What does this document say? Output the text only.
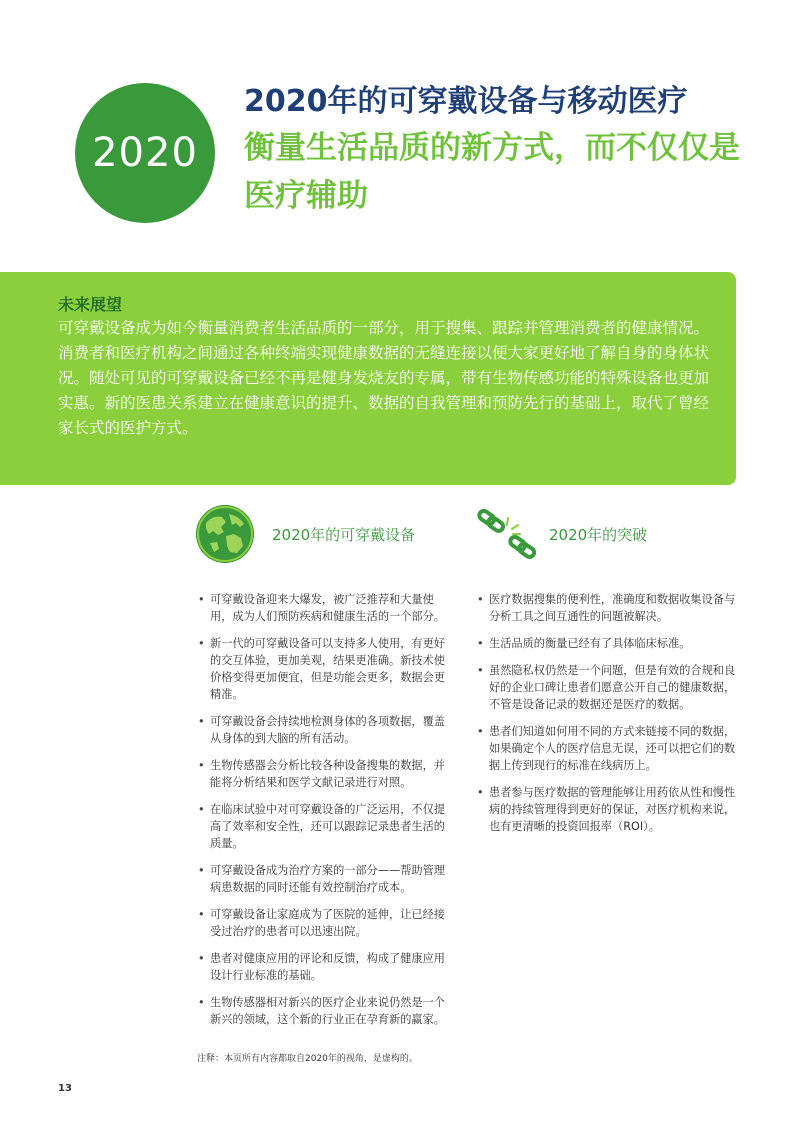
2020
2020年的可穿戴设备与移动医疗
衡量生活品质的新方式，而不仅仅是医疗辅助
未来展望
可穿戴设备成为如今衡量消费者生活品质的一部分，用于搜集、跟踪并管理消费者的健康情况。消费者和医疗机构之间通过各种终端实现健康数据的无缝连接以便大家更好地了解自身的身体状况。随处可见的可穿戴设备已经不再是健身发烧友的专属，带有生物传感功能的特殊设备也更加实惠。新的医患关系建立在健康意识的提升、数据的自我管理和预防先行的基础上，取代了曾经家长式的医护方式。
2020年的可穿戴设备	2020年的突破
• 可穿戴设备迎来大爆发，被广泛推荐和大量使用，成为人们预防疾病和健康生活的一个部分。
• 新一代的可穿戴设备可以支持多人使用，有更好的交互体验，更加美观，结果更准确。新技术使价格变得更加便宜，但是功能会更多，数据会更精准。
• 可穿戴设备会持续地检测身体的各项数据，覆盖从身体的到大脑的所有活动。
• 生物传感器会分析比较各种设备搜集的数据，并能将分析结果和医学文献记录进行对照。
• 在临床试验中对可穿戴设备的广泛运用，不仅提高了效率和安全性，还可以跟踪记录患者生活的质量。
• 可穿戴设备成为治疗方案的一部分——帮助管理病患数据的同时还能有效控制治疗成本。
• 可穿戴设备让家庭成为了医院的延伸，让已经接受过治疗的患者可以迅速出院。
• 患者对健康应用的评论和反馈，构成了健康应用设计行业标准的基础。
• 生物传感器相对新兴的医疗企业来说仍然是一个新兴的领域，这个新的行业正在孕育新的赢家。
• 医疗数据搜集的便利性，准确度和数据收集设备与分析工具之间互通性的问题被解决。
• 生活品质的衡量已经有了具体临床标准。
• 虽然隐私权仍然是一个问题，但是有效的合规和良好的企业口碑让患者们愿意公开自己的健康数据，不管是设备记录的数据还是医疗的数据。
• 患者们知道如何用不同的方式来链接不同的数据，如果确定个人的医疗信息无误，还可以把它们的数据上传到现行的标准在线病历上。
• 患者参与医疗数据的管理能够让用药依从性和慢性病的持续管理得到更好的保证，对医疗机构来说，也有更清晰的投资回报率（ROI）。
注释：本页所有内容都取自2020年的视角，是虚构的。
13
